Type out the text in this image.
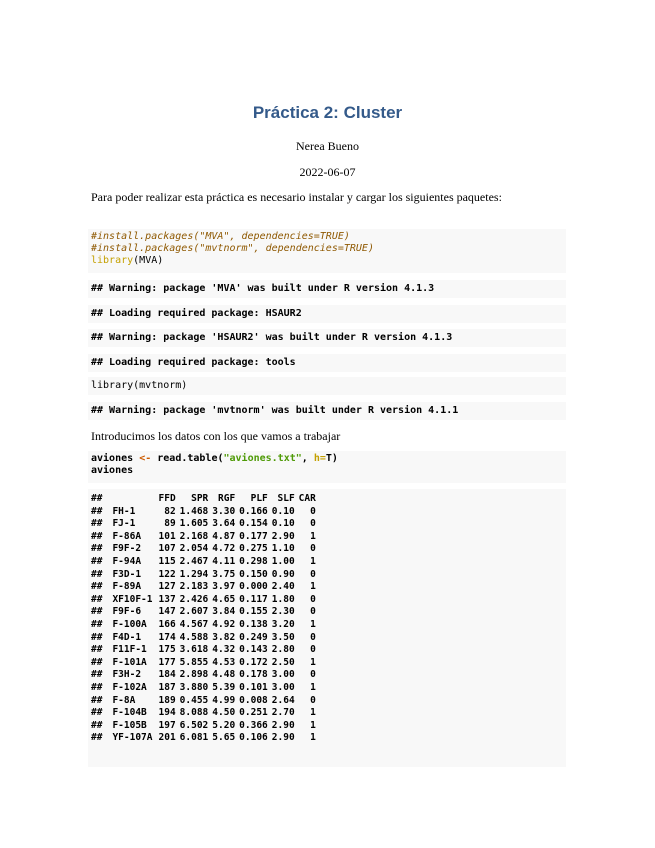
Práctica 2: Cluster
Nerea Bueno
2022-06-07
Para poder realizar esta práctica es necesario instalar y cargar los siguientes paquetes:
#install.packages("MVA", dependencies=TRUE)
#install.packages("mvtnorm", dependencies=TRUE)
library(MVA)
## Warning: package 'MVA' was built under R version 4.1.3
## Loading required package: HSAUR2
## Warning: package 'HSAUR2' was built under R version 4.1.3
## Loading required package: tools
library(mvtnorm)
## Warning: package 'mvtnorm' was built under R version 4.1.1
Introducimos los datos con los que vamos a trabajar
aviones <- read.table("aviones.txt", h=T)
aviones
##		FFD	SPR	RGF	PLF	SLF	CAR
##	FH-1	82	1.468	3.30	0.166	0.10	0
##	FJ-1	89	1.605	3.64	0.154	0.10	0
##	F-86A	101	2.168	4.87	0.177	2.90	1
##	F9F-2	107	2.054	4.72	0.275	1.10	0
##	F-94A	115	2.467	4.11	0.298	1.00	1
##	F3D-1	122	1.294	3.75	0.150	0.90	0
##	F-89A	127	2.183	3.97	0.000	2.40	1
##	XF10F-1	137	2.426	4.65	0.117	1.80	0
##	F9F-6	147	2.607	3.84	0.155	2.30	0
##	F-100A	166	4.567	4.92	0.138	3.20	1
##	F4D-1	174	4.588	3.82	0.249	3.50	0
##	F11F-1	175	3.618	4.32	0.143	2.80	0
##	F-101A	177	5.855	4.53	0.172	2.50	1
##	F3H-2	184	2.898	4.48	0.178	3.00	0
##	F-102A	187	3.880	5.39	0.101	3.00	1
##	F-8A	189	0.455	4.99	0.008	2.64	0
##	F-104B	194	8.088	4.50	0.251	2.70	1
##	F-105B	197	6.502	5.20	0.366	2.90	1
##	YF-107A	201	6.081	5.65	0.106	2.90	1
